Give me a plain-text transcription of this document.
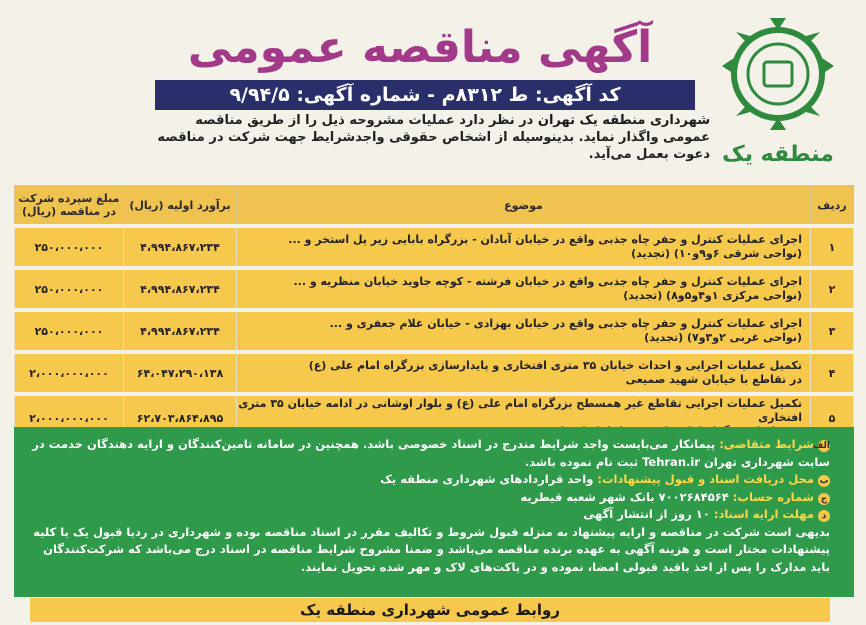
منطقه یک
آگهی مناقصه عمومی
کد آگهی: ط ۸۳۱۲م - شماره آگهی: ۹/۹۴/۵
شهرداری منطقه یک تهران در نظر دارد عملیات مشروحه ذیل را از طریق مناقصه عمومی واگذار نماید. بدینوسیله از اشخاص حقوقی واجدشرایط جهت شرکت در مناقصه دعوت بعمل می‌آید.
ردیف	موضوع	برآورد اولیه (ریال)	مبلغ سپرده شرکت در مناقصه (ریال)
۱	اجرای عملیات کنترل و حفر چاه جذبی واقع در خیابان آبادان - بزرگراه بابایی زیر پل استخر و ...
(نواحی شرقی ۶و۹و۱۰) (تجدید)	۴،۹۹۴،۸۶۷،۲۳۴	۲۵۰،۰۰۰،۰۰۰
۲	اجرای عملیات کنترل و حفر چاه جذبی واقع در خیابان فرشته - کوچه جاوید خیابان منظریه و ...
(نواحی مرکزی ۱و۴و۵و۸) (تجدید)	۴،۹۹۴،۸۶۷،۲۳۴	۲۵۰،۰۰۰،۰۰۰
۳	اجرای عملیات کنترل و حفر چاه جذبی واقع در خیابان بهزادی - خیابان غلام جعفری و ...
(نواحی غربی ۲و۳و۷) (تجدید)	۴،۹۹۴،۸۶۷،۲۳۴	۲۵۰،۰۰۰،۰۰۰
۴	تکمیل عملیات اجرایی و احداث خیابان ۳۵ متری افتخاری و پایدارسازی بزرگراه امام علی (ع)
در تقاطع با خیابان شهید صمیعی	۶۴،۰۴۷،۲۹۰،۱۳۸	۲،۰۰۰،۰۰۰،۰۰۰
۵	تکمیل عملیات اجرایی تقاطع غیر همسطح بزرگراه امام علی (ع) و بلوار اوشانی در ادامه خیابان ۳۵ متری افتخاری	۶۲،۷۰۳،۸۶۴،۸۹۵	۲،۰۰۰،۰۰۰،۰۰۰
الفشرایط متقاضی: پیمانکار می‌بایست واجد شرایط مندرج در اسناد خصوصی باشد. همچنین در سامانه تامین‌کنندگان و ارایه دهندگان خدمت در سایت شهرداری تهران Tehran.ir ثبت نام نموده باشد.
بمحل دریافت اسناد و قبول پیشنهادات: واحد قراردادهای شهرداری منطقه یک
جشماره حساب: ۷۰۰۲۶۸۴۵۶۴ بانک شهر شعبه قیطریه
دمهلت ارایه اسناد: ۱۰ روز از انتشار آگهی
بدیهی است شرکت در مناقصه و ارایه پیشنهاد به منزله قبول شروط و تکالیف مقرر در اسناد مناقصه بوده و شهرداری در ردیا قبول یک یا کلیه پیشنهادات مختار است و هزینه آگهی به عهده برنده مناقصه می‌باشد و ضمنا مشروح شرایط مناقصه در اسناد درج می‌باشد که شرکت‌کنندگان باید مدارک را پس از اخذ باقید قبولی امضا، نموده و در پاکت‌های لاک و مهر شده تحویل نمایند.
روابط عمومی شهرداری منطقه یک
